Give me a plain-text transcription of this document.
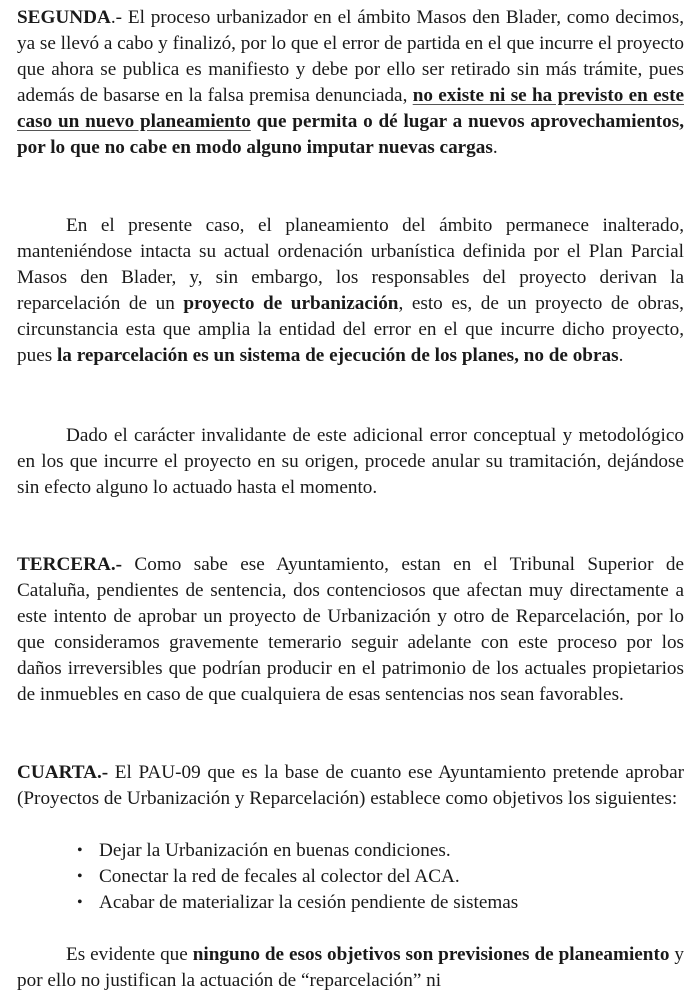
SEGUNDA.- El proceso urbanizador en el ámbito Masos den Blader, como decimos, ya se llevó a cabo y finalizó, por lo que el error de partida en el que incurre el proyecto que ahora se publica es manifiesto y debe por ello ser retirado sin más trámite, pues además de basarse en la falsa premisa denunciada, no existe ni se ha previsto en este caso un nuevo planeamiento que permita o dé lugar a nuevos aprovechamientos, por lo que no cabe en modo alguno imputar nuevas cargas.

En el presente caso, el planeamiento del ámbito permanece inalterado, manteniéndose intacta su actual ordenación urbanística definida por el Plan Parcial Masos den Blader, y, sin embargo, los responsables del proyecto derivan la reparcelación de un proyecto de urbanización, esto es, de un proyecto de obras, circunstancia esta que amplia la entidad del error en el que incurre dicho proyecto, pues la reparcelación es un sistema de ejecución de los planes, no de obras.

Dado el carácter invalidante de este adicional error conceptual y metodológico en los que incurre el proyecto en su origen, procede anular su tramitación, dejándose sin efecto alguno lo actuado hasta el momento.

TERCERA.- Como sabe ese Ayuntamiento, estan en el Tribunal Superior de Cataluña, pendientes de sentencia, dos contenciosos que afectan muy directamente a este intento de aprobar un proyecto de Urbanización y otro de Reparcelación, por lo que consideramos gravemente temerario seguir adelante con este proceso por los daños irreversibles que podrían producir en el patrimonio de los actuales propietarios de inmuebles en caso de que cualquiera de esas sentencias nos sean favorables.

CUARTA.- El PAU-09 que es la base de cuanto ese Ayuntamiento pretende aprobar (Proyectos de Urbanización y Reparcelación) establece como objetivos los siguientes:

• Dejar la Urbanización en buenas condiciones.
• Conectar la red de fecales al colector del ACA.
• Acabar de materializar la cesión pendiente de sistemas

Es evidente que ninguno de esos objetivos son previsiones de planeamiento y por ello no justifican la actuación de “reparcelación” ni
